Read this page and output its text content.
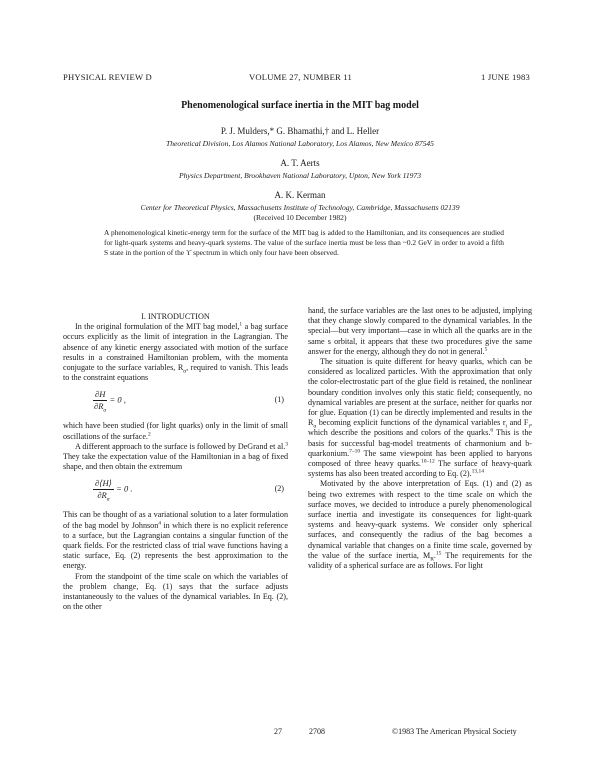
PHYSICAL REVIEW D	VOLUME 27, NUMBER 11	1 JUNE 1983
Phenomenological surface inertia in the MIT bag model
P. J. Mulders,* G. Bhamathi,† and L. Heller
Theoretical Division, Los Alamos National Laboratory, Los Alamos, New Mexico 87545
A. T. Aerts
Physics Department, Brookhaven National Laboratory, Upton, New York 11973
A. K. Kerman
Center for Theoretical Physics, Massachusetts Institute of Technology, Cambridge, Massachusetts 02139
(Received 10 December 1982)
A phenomenological kinetic-energy term for the surface of the MIT bag is added to the Hamiltonian, and its consequences are studied for light-quark systems and heavy-quark systems. The value of the surface inertia must be less than ~0.2 GeV in order to avoid a fifth S state in the portion of the ϒ spectrum in which only four have been observed.

I. INTRODUCTION

In the original formulation of the MIT bag model,$^1$ a bag surface occurs explicitly as the limit of integration in the Lagrangian. The absence of any kinetic energy associated with motion of the surface results in a constrained Hamiltonian problem, with the momenta conjugate to the surface variables, $R_\alpha$, required to vanish. This leads to the constraint equations

$\frac{\partial H}{\partial R_\alpha} = 0$ ,	(1)

which have been studied (for light quarks) only in the limit of small oscillations of the surface.$^2$

A different approach to the surface is followed by DeGrand et al.$^3$ They take the expectation value of the Hamiltonian in a bag of fixed shape, and then obtain the extremum

$\frac{\partial⟨H⟩}{\partial R_\alpha} = 0$ .	(2)

This can be thought of as a variational solution to a later formulation of the bag model by Johnson$^4$ in which there is no explicit reference to a surface, but the Lagrangian contains a singular function of the quark fields. For the restricted class of trial wave functions having a static surface, Eq. (2) represents the best approximation to the energy.

From the standpoint of the time scale on which the variables of the problem change, Eq. (1) says that the surface adjusts instantaneously to the values of the dynamical variables. In Eq. (2), on the other

hand, the surface variables are the last ones to be adjusted, implying that they change slowly compared to the dynamical variables. In the special—but very important—case in which all the quarks are in the same s orbital, it appears that these two procedures give the same answer for the energy, although they do not in general.$^5$

The situation is quite different for heavy quarks, which can be considered as localized particles. With the approximation that only the color-electrostatic part of the glue field is retained, the nonlinear boundary condition involves only this static field; consequently, no dynamical variables are present at the surface, neither for quarks nor for glue. Equation (1) can be directly implemented and results in the $R_\alpha$ becoming explicit functions of the dynamical variables $r_i$ and $F_i$, which describe the positions and colors of the quarks.$^6$ This is the basis for successful bag-model treatments of charmonium and b-quarkonium.$^{7-10}$ The same viewpoint has been applied to baryons composed of three heavy quarks.$^{10-12}$ The surface of heavy-quark systems has also been treated according to Eq. (2).$^{13,14}$

Motivated by the above interpretation of Eqs. (1) and (2) as being two extremes with respect to the time scale on which the surface moves, we decided to introduce a purely phenomenological surface inertia and investigate its consequences for light-quark systems and heavy-quark systems. We consider only spherical surfaces, and consequently the radius of the bag becomes a dynamical variable that changes on a finite time scale, governed by the value of the surface inertia, $M_R.^{15}$ The requirements for the validity of a spherical surface are as follows. For light

27	2708	©1983 The American Physical Society
